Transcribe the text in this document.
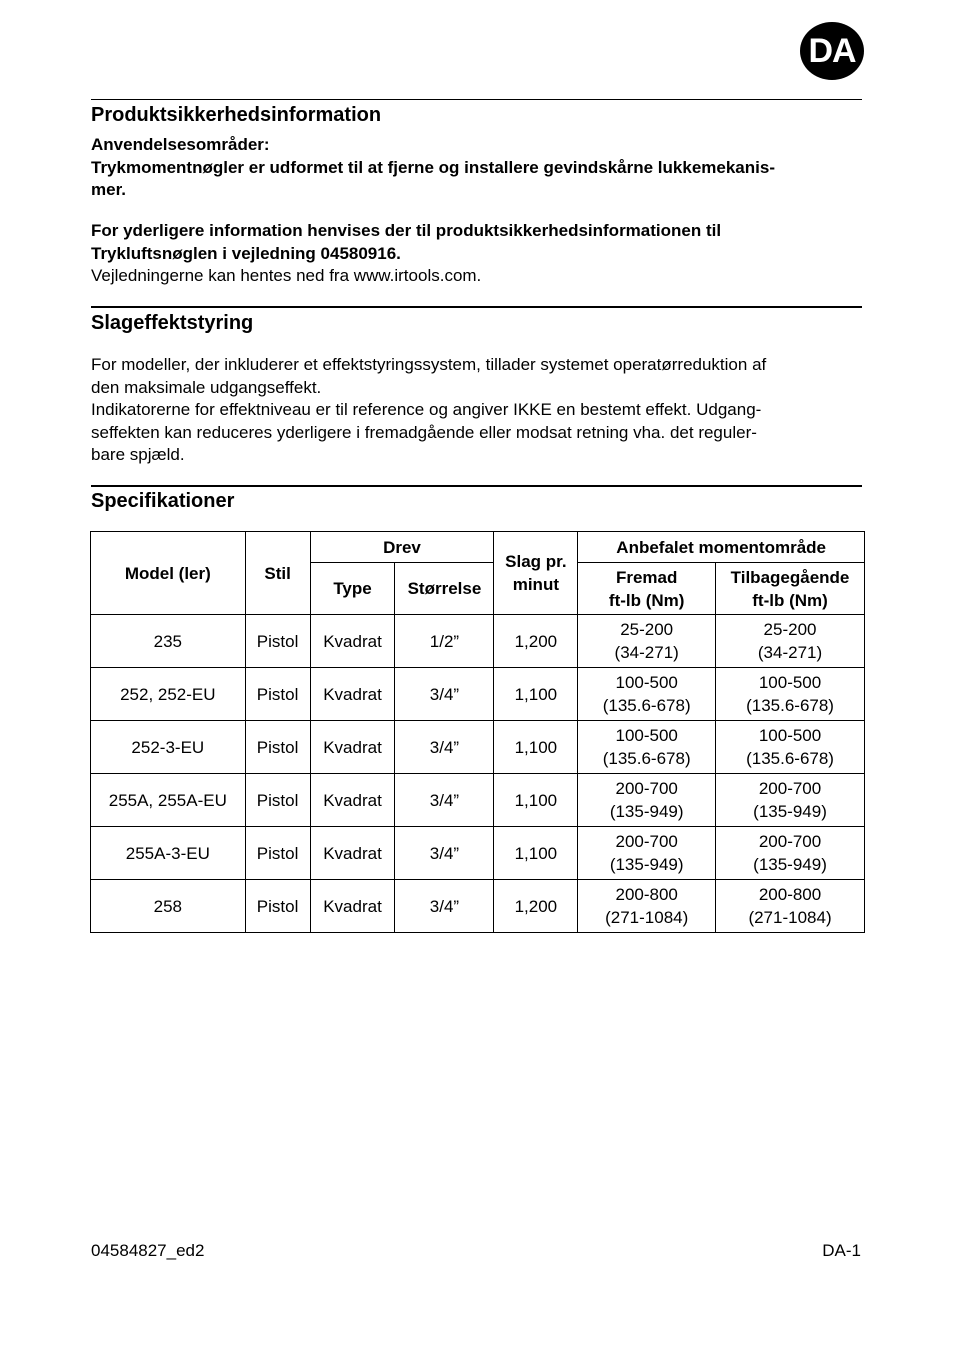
DA
Produktsikkerhedsinformation

Anvendelsesområder:

Trykmomentnøgler er udformet til at fjerne og installere gevindskårne lukkemekanis-

mer.

For yderligere information henvises der til produktsikkerhedsinformationen til

Trykluftsnøglen i vejledning 04580916.

Vejledningerne kan hentes ned fra www.irtools.com.

Slageffektstyring

For modeller, der inkluderer et effektstyringssystem, tillader systemet operatørreduktion af

den maksimale udgangseffekt.

Indikatorerne for effektniveau er til reference og angiver IKKE en bestemt effekt. Udgang-

seffekten kan reduceres yderligere i fremadgående eller modsat retning vha. det reguler-

bare spjæld.

Specifikationer
Model (ler)	Stil	Drev		Slag pr.
minut	Anbefalet momentområde	
		Type	Størrelse		Fremad
ft-lb (Nm)	Tilbagegående
ft-lb (Nm)

235	Pistol	Kvadrat	1/2”	1,200	25-200
(34-271)	25-200
(34-271)

252, 252-EU	Pistol	Kvadrat	3/4”	1,100	100-500
(135.6-678)	100-500
(135.6-678)

252-3-EU	Pistol	Kvadrat	3/4”	1,100	100-500
(135.6-678)	100-500
(135.6-678)

255A, 255A-EU	Pistol	Kvadrat	3/4”	1,100	200-700
(135-949)	200-700
(135-949)

255A-3-EU	Pistol	Kvadrat	3/4”	1,100	200-700
(135-949)	200-700
(135-949)

258	Pistol	Kvadrat	3/4”	1,200	200-800
(271-1084)	200-800
(271-1084)
04584827_ed2	DA-1
